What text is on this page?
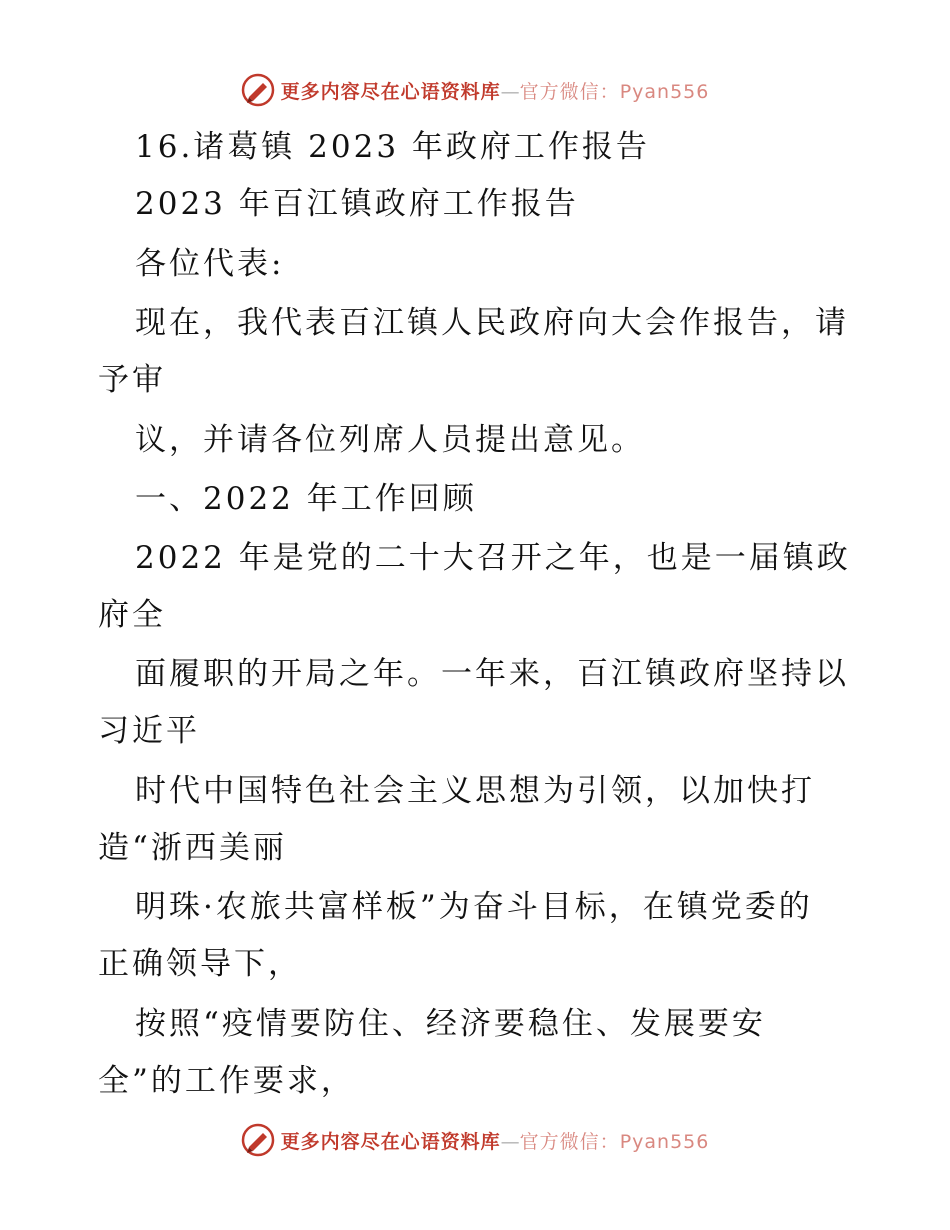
更多内容尽在心语资料库—官方微信：Pyan556
16.诸葛镇 2023 年政府工作报告
2023 年百江镇政府工作报告
各位代表:
现在，我代表百江镇人民政府向大会作报告，请
予审
议，并请各位列席人员提出意见。
一、2022 年工作回顾
2022 年是党的二十大召开之年，也是一届镇政
府全
面履职的开局之年。一年来，百江镇政府坚持以
习近平
时代中国特色社会主义思想为引领，以加快打
造“浙西美丽
明珠·农旅共富样板”为奋斗目标，在镇党委的
正确领导下，
按照“疫情要防住、经济要稳住、发展要安
全”的工作要求，
更多内容尽在心语资料库—官方微信：Pyan556
